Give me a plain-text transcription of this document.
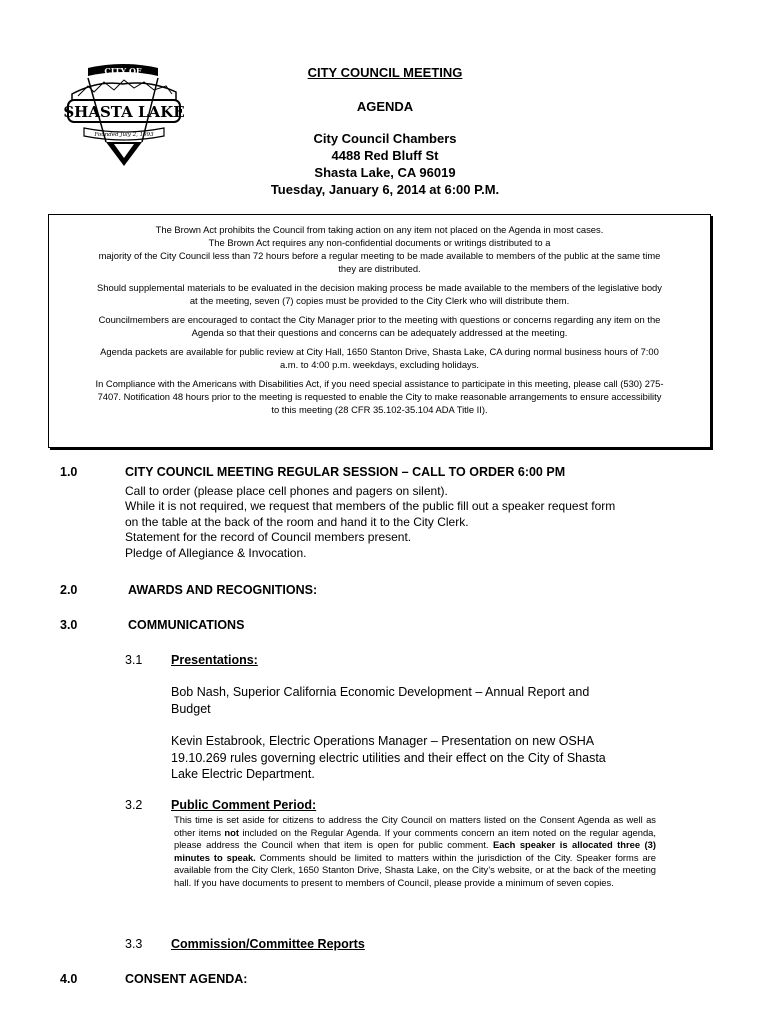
CITY OF
SHASTA LAKE
Founded July 2, 1993
CITY COUNCIL MEETING
AGENDA
City Council Chambers
4488 Red Bluff St
Shasta Lake, CA 96019
Tuesday, January 6, 2014 at 6:00 P.M.

The Brown Act prohibits the Council from taking action on any item not placed on the Agenda in most cases.
The Brown Act requires any non-confidential documents or writings distributed to a
majority of the City Council less than 72 hours before a regular meeting to be made available to members of the public at the same time
they are distributed.

Should supplemental materials to be evaluated in the decision making process be made available to the members of the legislative body
at the meeting, seven (7) copies must be provided to the City Clerk who will distribute them.

Councilmembers are encouraged to contact the City Manager prior to the meeting with questions or concerns regarding any item on the
Agenda so that their questions and concerns can be adequately addressed at the meeting.

Agenda packets are available for public review at City Hall, 1650 Stanton Drive, Shasta Lake, CA during normal business hours of 7:00
a.m. to 4:00 p.m. weekdays, excluding holidays.

In Compliance with the Americans with Disabilities Act, if you need special assistance to participate in this meeting, please call (530) 275-
7407. Notification 48 hours prior to the meeting is requested to enable the City to make reasonable arrangements to ensure accessibility
to this meeting (28 CFR 35.102-35.104 ADA Title II).

1.0	CITY COUNCIL MEETING REGULAR SESSION – CALL TO ORDER 6:00 PM
Call to order (please place cell phones and pagers on silent).
While it is not required, we request that members of the public fill out a speaker request form
on the table at the back of the room and hand it to the City Clerk.
Statement for the record of Council members present.
Pledge of Allegiance & Invocation.
2.0	AWARDS AND RECOGNITIONS:
3.0	COMMUNICATIONS
3.1 Presentations:
Bob Nash, Superior California Economic Development – Annual Report and
Budget
Kevin Estabrook, Electric Operations Manager – Presentation on new OSHA
19.10.269 rules governing electric utilities and their effect on the City of Shasta
Lake Electric Department.
3.2 Public Comment Period:
This time is set aside for citizens to address the City Council on matters listed on the Consent Agenda as well as other items not included on the Regular Agenda. If your comments concern an item noted on the regular agenda, please address the Council when that item is open for public comment. Each speaker is allocated three (3) minutes to speak. Comments should be limited to matters within the jurisdiction of the City. Speaker forms are available from the City Clerk, 1650 Stanton Drive, Shasta Lake, on the City’s website, or at the back of the meeting hall. If you have documents to present to members of Council, please provide a minimum of seven copies.
3.3 Commission/Committee Reports
4.0	CONSENT AGENDA:
